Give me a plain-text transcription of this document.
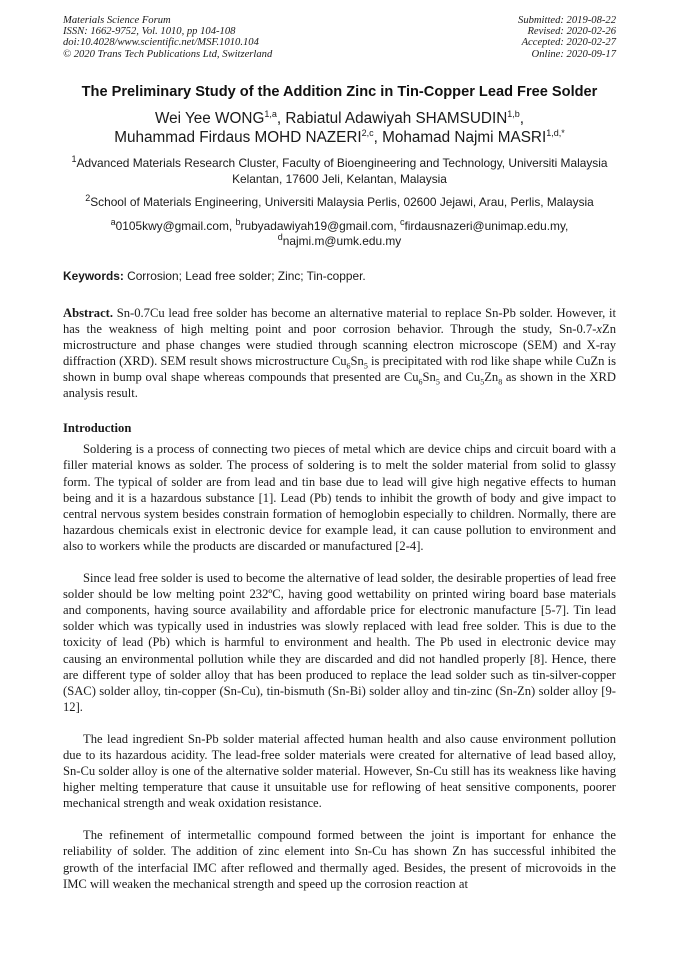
Materials Science Forum
ISSN: 1662-9752, Vol. 1010, pp 104-108
doi:10.4028/www.scientific.net/MSF.1010.104
© 2020 Trans Tech Publications Ltd, Switzerland
Submitted: 2019-08-22
Revised: 2020-02-26
Accepted: 2020-02-27
Online: 2020-09-17
The Preliminary Study of the Addition Zinc in Tin-Copper Lead Free Solder
Wei Yee WONG$^{1,a}$, Rabiatul Adawiyah SHAMSUDIN$^{1,b}$,
Muhammad Firdaus MOHD NAZERI$^{2,c}$, Mohamad Najmi $MASRI^{1,d,*}$
$^1$Advanced Materials Research Cluster, Faculty of Bioengineering and Technology, Universiti Malaysia Kelantan, 17600 Jeli, Kelantan, Malaysia
$^2$School of Materials Engineering, Universiti Malaysia Perlis, 02600 Jejawi, Arau, Perlis, Malaysia
$^a$0105kwy@gmail.com, $^b$rubyadawiyah19@gmail.com, $^c$firdausnazeri@unimap.edu.my,
$^d$najmi.m@umk.edu.my
Keywords: Corrosion; Lead free solder; Zinc; Tin-copper.
Abstract. Sn-0.7Cu lead free solder has become an alternative material to replace Sn-Pb solder. However, it has the weakness of high melting point and poor corrosion behavior. Through the study, Sn-0.7-xZn microstructure and phase changes were studied through scanning electron microscope (SEM) and X-ray diffraction (XRD). SEM result shows microstructure $Cu_6Sn_5$ is precipitated with rod like shape while CuZn is shown in bump oval shape whereas compounds that presented are $Cu_6Sn_5$ and $Cu_5Zn_8$ as shown in the XRD analysis result.
Introduction

Soldering is a process of connecting two pieces of metal which are device chips and circuit board with a filler material knows as solder. The process of soldering is to melt the solder material from solid to glassy form. The typical of solder are from lead and tin base due to lead will give high negative effects to human being and it is a hazardous substance [1]. Lead (Pb) tends to inhibit the growth of body and give impact to central nervous system besides constrain formation of hemoglobin especially to children. Normally, there are hazardous chemicals exist in electronic device for example lead, it can cause pollution to environment and also to workers while the products are discarded or manufactured [2-4].

Since lead free solder is used to become the alternative of lead solder, the desirable properties of lead free solder should be low melting point 232ºC, having good wettability on printed wiring board base materials and components, having source availability and affordable price for electronic manufacture [5-7]. Tin lead solder which was typically used in industries was slowly replaced with lead free solder. This is due to the toxicity of lead (Pb) which is harmful to environment and health. The Pb used in electronic device may causing an environmental pollution while they are discarded and did not handled properly [8]. Hence, there are different type of solder alloy that has been produced to replace the lead solder such as tin-silver-copper (SAC) solder alloy, tin-copper (Sn-Cu), tin-bismuth (Sn-Bi) solder alloy and tin-zinc (Sn-Zn) solder alloy [9-12].

The lead ingredient Sn-Pb solder material affected human health and also cause environment pollution due to its hazardous acidity. The lead-free solder materials were created for alternative of lead based alloy, Sn-Cu solder alloy is one of the alternative solder material. However, Sn-Cu still has its weakness like having higher melting temperature that cause it unsuitable use for reflowing of heat sensitive components, poorer mechanical strength and weak oxidation resistance.

The refinement of intermetallic compound formed between the joint is important for enhance the reliability of solder. The addition of zinc element into Sn-Cu has shown Zn has successful inhibited the growth of the interfacial IMC after reflowed and thermally aged. Besides, the present of microvoids in the IMC will weaken the mechanical strength and speed up the corrosion reaction at
